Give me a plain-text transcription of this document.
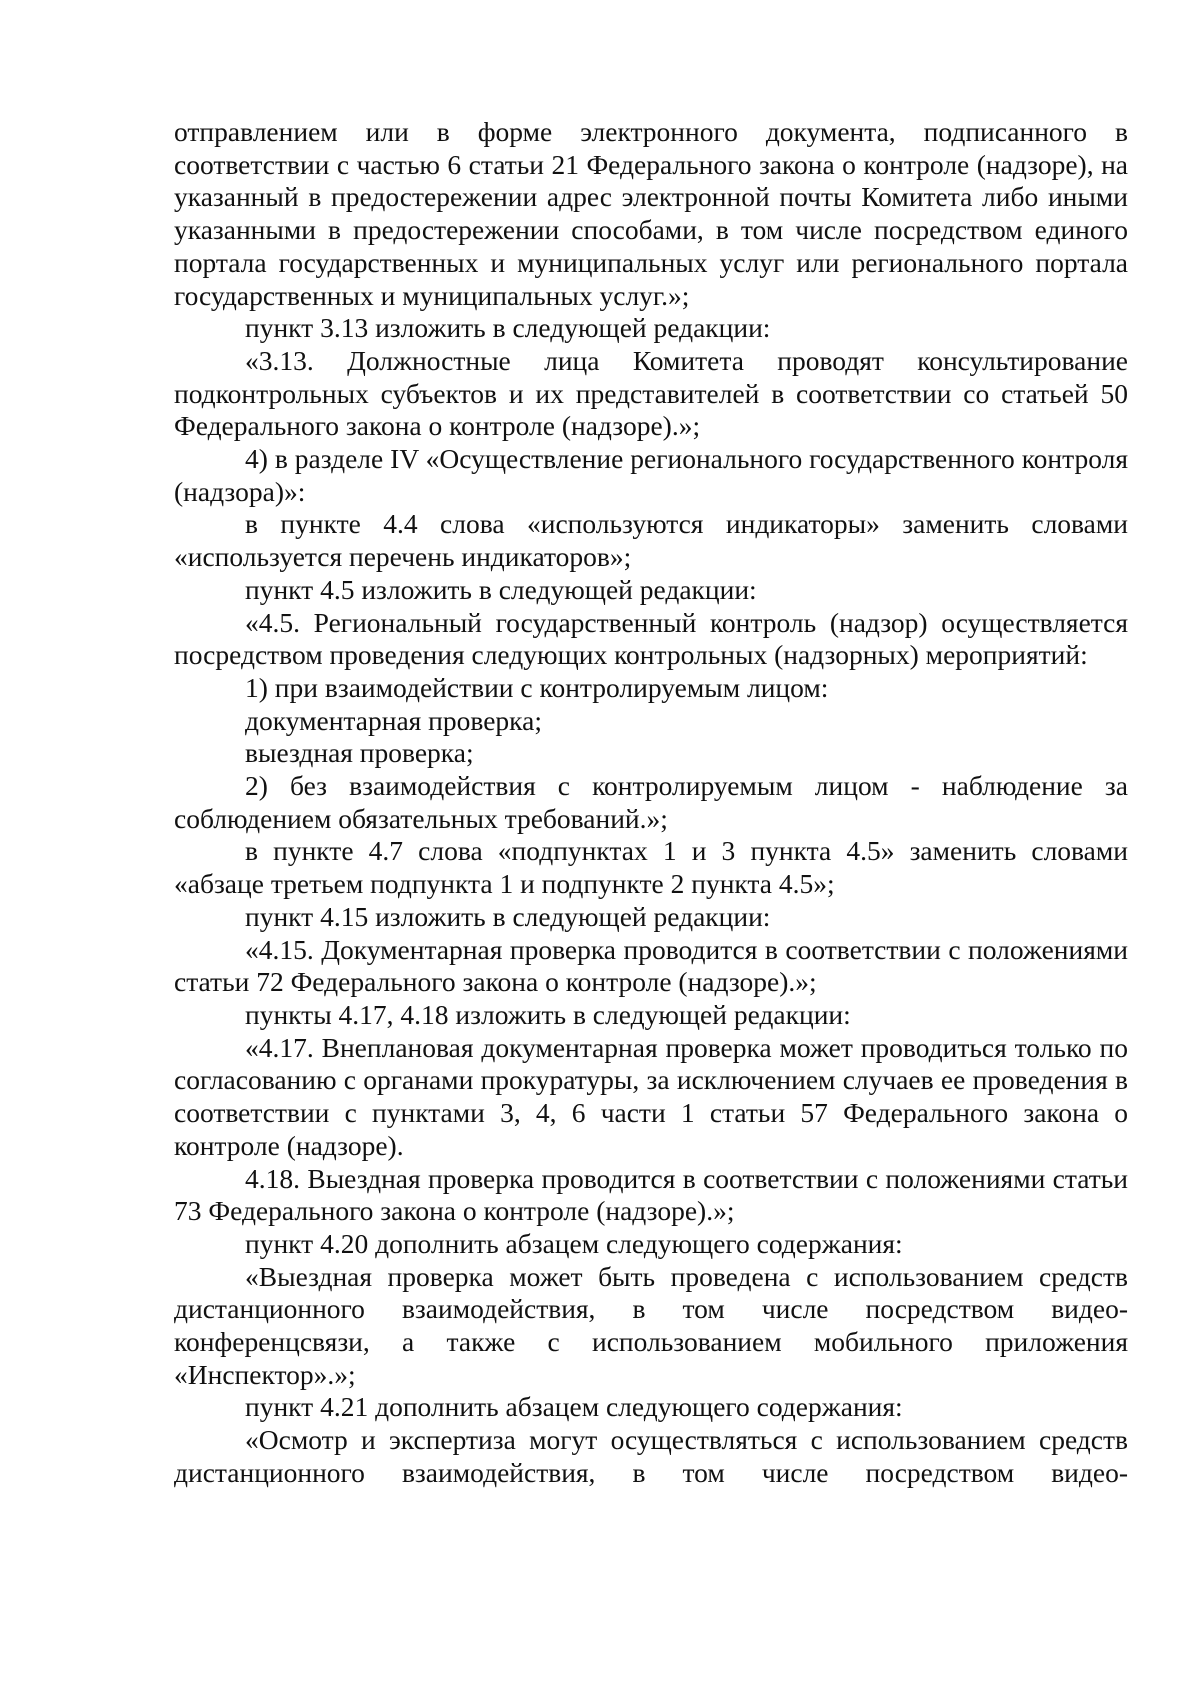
отправлением или в форме электронного документа, подписанного в соответствии с частью 6 статьи 21 Федерального закона о контроле (надзоре), на указанный в предостережении адрес электронной почты Комитета либо иными указанными в предостережении способами, в том числе посредством единого портала государственных и муниципальных услуг или регионального портала государственных и муниципальных услуг.»;

пункт 3.13 изложить в следующей редакции:

«3.13. Должностные лица Комитета проводят консультирование подконтрольных субъектов и их представителей в соответствии со статьей 50 Федерального закона о контроле (надзоре).»;

4) в разделе IV «Осуществление регионального государственного контроля (надзора)»:

в пункте 4.4 слова «используются индикаторы» заменить словами «используется перечень индикаторов»;

пункт 4.5 изложить в следующей редакции:

«4.5. Региональный государственный контроль (надзор) осуществляется посредством проведения следующих контрольных (надзорных) мероприятий:

1) при взаимодействии с контролируемым лицом:

документарная проверка;

выездная проверка;

2) без взаимодействия с контролируемым лицом - наблюдение за соблюдением обязательных требований.»;

в пункте 4.7 слова «подпунктах 1 и 3 пункта 4.5» заменить словами «абзаце третьем подпункта 1 и подпункте 2 пункта 4.5»;

пункт 4.15 изложить в следующей редакции:

«4.15. Документарная проверка проводится в соответствии с положениями статьи 72 Федерального закона о контроле (надзоре).»;

пункты 4.17, 4.18 изложить в следующей редакции:

«4.17. Внеплановая документарная проверка может проводиться только по согласованию с органами прокуратуры, за исключением случаев ее проведения в соответствии с пунктами 3, 4, 6 части 1 статьи 57 Федерального закона о контроле (надзоре).

4.18. Выездная проверка проводится в соответствии с положениями статьи 73 Федерального закона о контроле (надзоре).»;

пункт 4.20 дополнить абзацем следующего содержания:

«Выездная проверка может быть проведена с использованием средств дистанционного взаимодействия, в том числе посредством видео-конференцсвязи, а также с использованием мобильного приложения «Инспектор».»;

пункт 4.21 дополнить абзацем следующего содержания:

«Осмотр и экспертиза могут осуществляться с использованием средств дистанционного взаимодействия, в том числе посредством видео-
